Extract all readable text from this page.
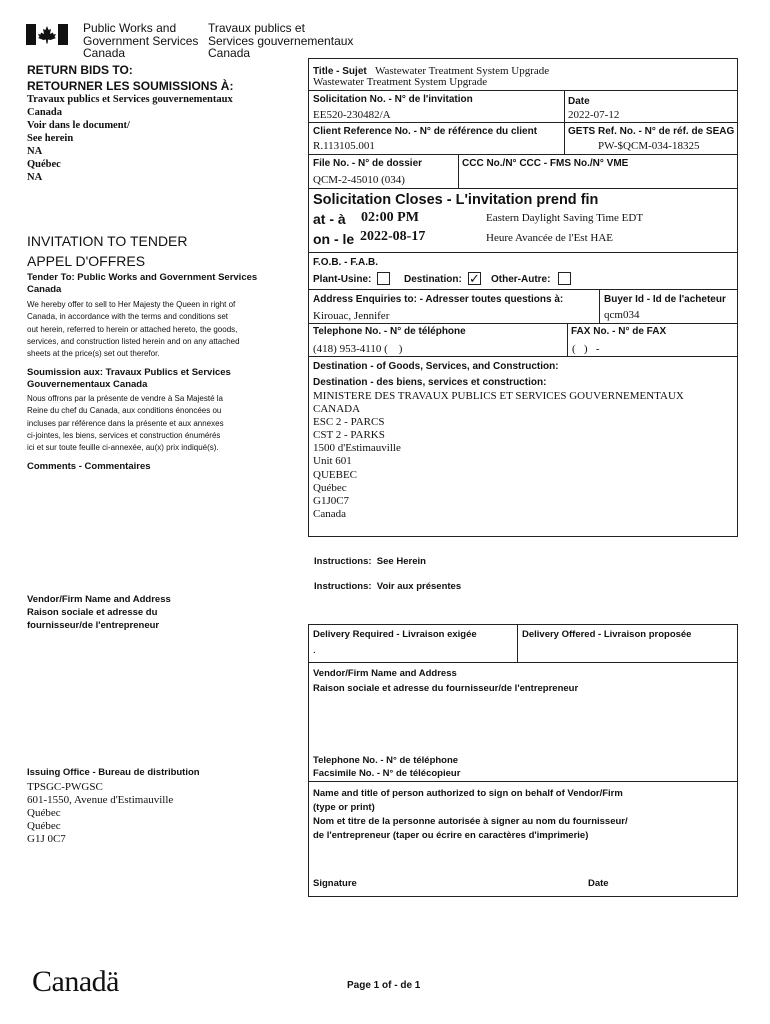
Public Works and
Government Services
Canada
Travaux publics et
Services gouvernementaux
Canada
RETURN BIDS TO:
RETOURNER LES SOUMISSIONS À:
Travaux publics et Services gouvernementaux
Canada
Voir dans le document/
See herein
NA
Québec
NA
INVITATION TO TENDER
APPEL D'OFFRES
Tender To: Public Works and Government Services
Canada
We hereby offer to sell to Her Majesty the Queen in right of
Canada, in accordance with the terms and conditions set
out herein, referred to herein or attached hereto, the goods,
services, and construction listed herein and on any attached
sheets at the price(s) set out therefor.
Soumission aux: Travaux Publics et Services
Gouvernementaux Canada
Nous offrons par la présente de vendre à Sa Majesté la
Reine du chef du Canada, aux conditions énoncées ou
incluses par référence dans la présente et aux annexes
ci-jointes, les biens, services et construction énumérés
ici et sur toute feuille ci-annexée, au(x) prix indiqué(s).
Comments - Commentaires
Vendor/Firm Name and Address
Raison sociale et adresse du
fournisseur/de l'entrepreneur
Issuing Office - Bureau de distribution
TPSGC-PWGSC
601-1550, Avenue d'Estimauville
Québec
Québec
G1J 0C7
Title - Sujet Wastewater Treatment System Upgrade
Wastewater Treatment System Upgrade
Solicitation No. - N° de l'invitation
EE520-230482/A
Date
2022-07-12
Client Reference No. - N° de référence du client
R.113105.001
GETS Ref. No. - N° de réf. de SEAG
PW-$QCM-034-18325
File No. - N° de dossier
QCM-2-45010 (034)
CCC No./N° CCC - FMS No./N° VME
Solicitation Closes - L'invitation prend fin
at - à 02:00 PM
on - le 2022-08-17
Eastern Daylight Saving Time EDT
Heure Avancée de l'Est HAE
F.O.B. - F.A.B.
Plant-Usine:	Destination: ✓ Other-Autre:
Address Enquiries to: - Adresser toutes questions à:
Kirouac, Jennifer
Buyer Id - Id de l'acheteur
qcm034
Telephone No. - N° de téléphone
(418) 953-4110 (    )
FAX No. - N° de FAX
(   )   -
Destination - of Goods, Services, and Construction:
Destination - des biens, services et construction:
MINISTERE DES TRAVAUX PUBLICS ET SERVICES GOUVERNEMENTAUX
CANADA
ESC 2 - PARCS
CST 2 - PARKS
1500 d'Estimauville
Unit 601
QUEBEC
Québec
G1J0C7
Canada
Instructions:  See Herein
Instructions:  Voir aux présentes
Delivery Required - Livraison exigée
.
Delivery Offered - Livraison proposée
Vendor/Firm Name and Address
Raison sociale et adresse du fournisseur/de l'entrepreneur
Telephone No. - N° de téléphone
Facsimile No. - N° de télécopieur
Name and title of person authorized to sign on behalf of Vendor/Firm
(type or print)
Nom et titre de la personne autorisée à signer au nom du fournisseur/
de l'entrepreneur (taper ou écrire en caractères d'imprimerie)
Signature	Date
Canadä	Page 1 of - de 1
